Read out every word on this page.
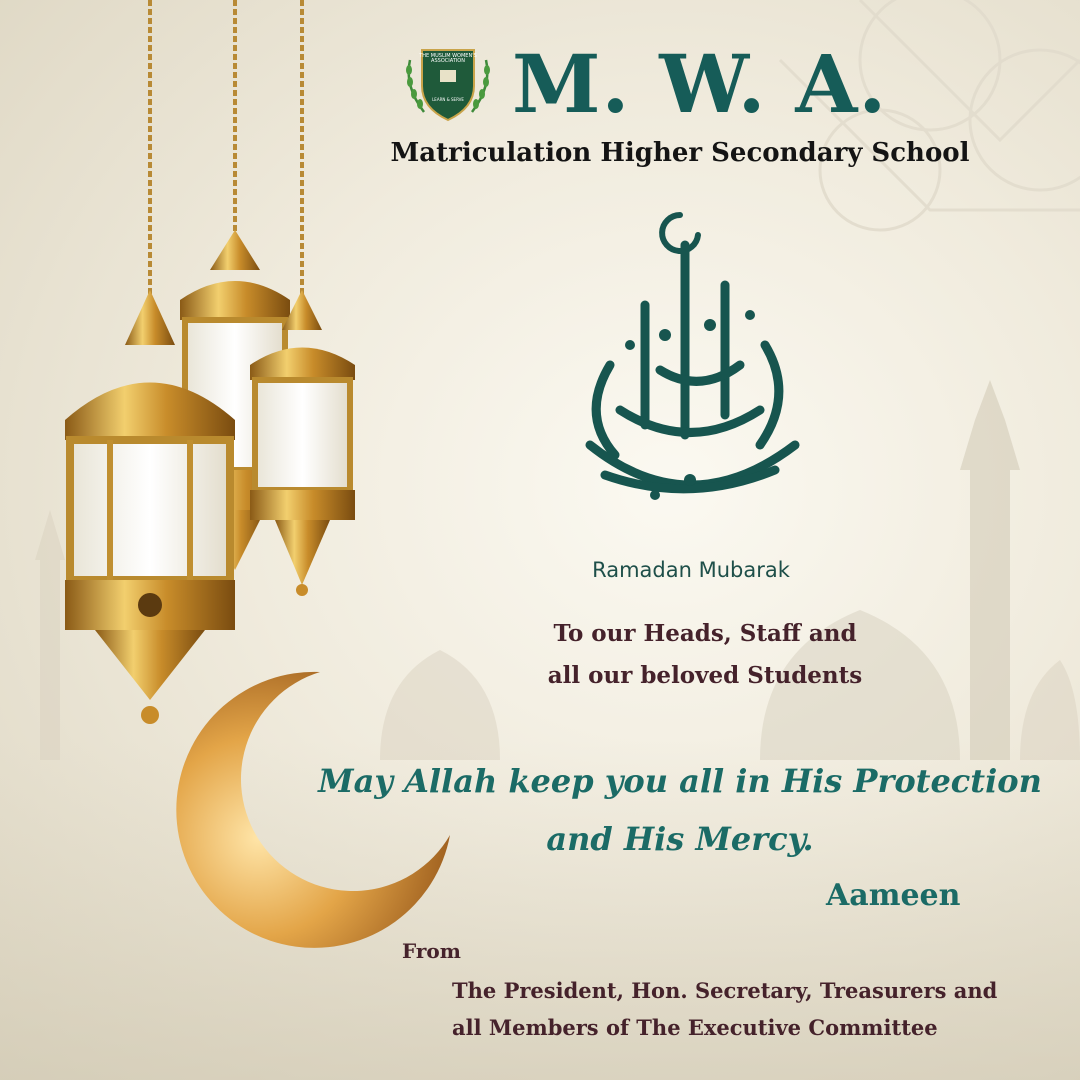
THE MUSLIM WOMEN'S ASSOCIATION
LEARN & SERVE M. W. A.
Matriculation Higher Secondary School
Ramadan Mubarak
To our Heads, Staff and
all our beloved Students
May Allah keep you all in His Protection
and His Mercy.
Aameen
From
The President, Hon. Secretary, Treasurers and
all Members of The Executive Committee
